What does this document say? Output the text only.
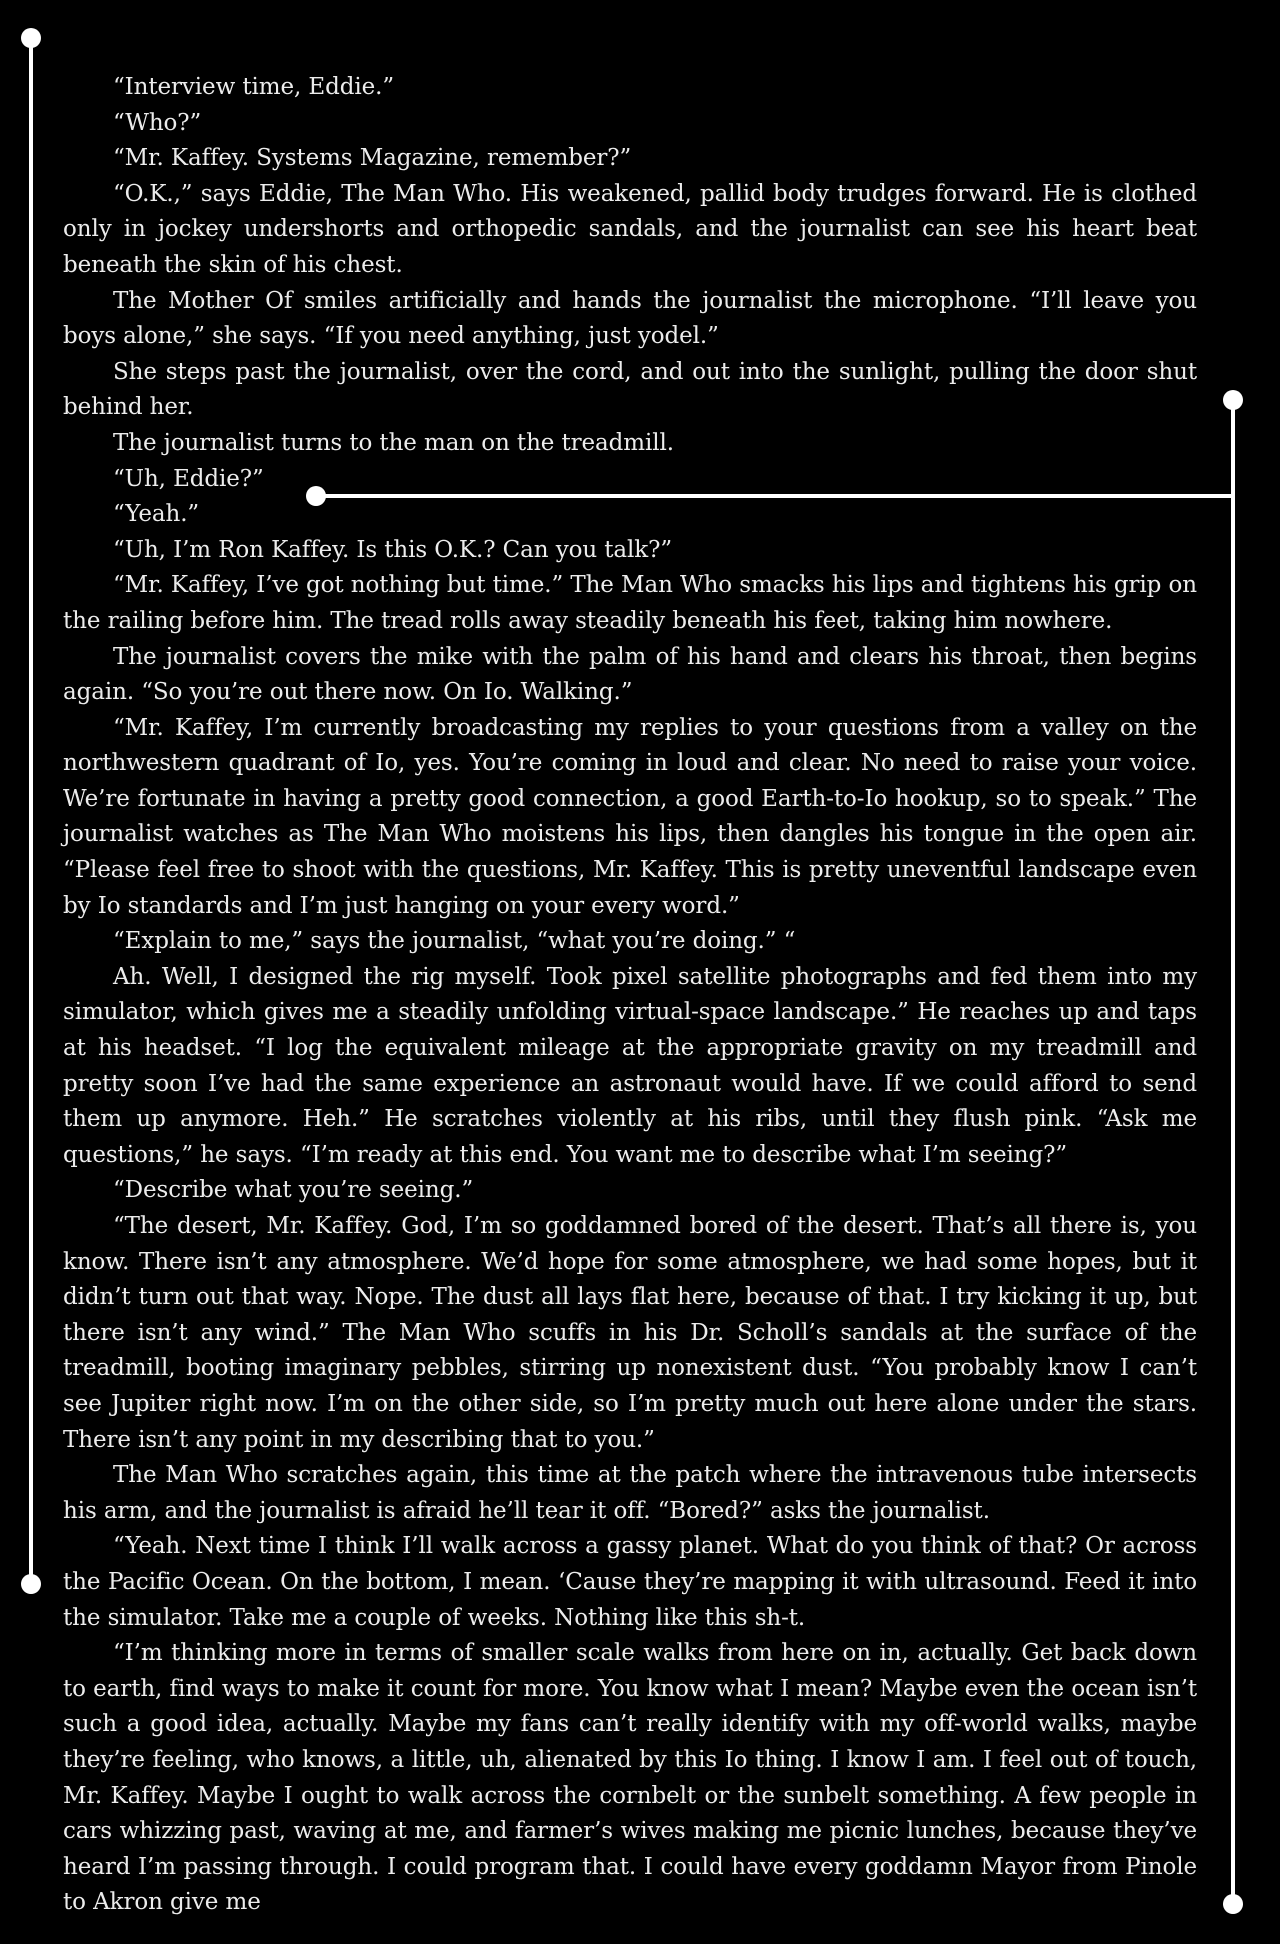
“Interview time, Eddie.”

“Who?”

“Mr. Kaffey. Systems Magazine, remember?”

“O.K.,” says Eddie, The Man Who. His weakened, pallid body trudges forward. He is clothed only in jockey undershorts and orthopedic sandals, and the journalist can see his heart beat beneath the skin of his chest.

The Mother Of smiles artificially and hands the journalist the microphone. “I’ll leave you boys alone,” she says. “If you need anything, just yodel.”

She steps past the journalist, over the cord, and out into the sunlight, pulling the door shut behind her.

The journalist turns to the man on the treadmill.

“Uh, Eddie?”

“Yeah.”

“Uh, I’m Ron Kaffey. Is this O.K.? Can you talk?”

“Mr. Kaffey, I’ve got nothing but time.” The Man Who smacks his lips and tightens his grip on the railing before him. The tread rolls away steadily beneath his feet, taking him nowhere.

The journalist covers the mike with the palm of his hand and clears his throat, then begins again. “So you’re out there now. On Io. Walking.”

“Mr. Kaffey, I’m currently broadcasting my replies to your questions from a valley on the northwestern quadrant of Io, yes. You’re coming in loud and clear. No need to raise your voice. We’re fortunate in having a pretty good connection, a good Earth-to-Io hookup, so to speak.” The journalist watches as The Man Who moistens his lips, then dangles his tongue in the open air. “Please feel free to shoot with the questions, Mr. Kaffey. This is pretty uneventful landscape even by Io standards and I’m just hanging on your every word.”

“Explain to me,” says the journalist, “what you’re doing.” “

Ah. Well, I designed the rig myself. Took pixel satellite photographs and fed them into my simulator, which gives me a steadily unfolding virtual-space landscape.” He reaches up and taps at his headset. “I log the equivalent mileage at the appropriate gravity on my treadmill and pretty soon I’ve had the same experience an astronaut would have. If we could afford to send them up anymore. Heh.” He scratches violently at his ribs, until they flush pink. “Ask me questions,” he says. “I’m ready at this end. You want me to describe what I’m seeing?”

“Describe what you’re seeing.”

“The desert, Mr. Kaffey. God, I’m so goddamned bored of the desert. That’s all there is, you know. There isn’t any atmosphere. We’d hope for some atmosphere, we had some hopes, but it didn’t turn out that way. Nope. The dust all lays flat here, because of that. I try kicking it up, but there isn’t any wind.” The Man Who scuffs in his Dr. Scholl’s sandals at the surface of the treadmill, booting imaginary pebbles, stirring up nonexistent dust. “You probably know I can’t see Jupiter right now. I’m on the other side, so I’m pretty much out here alone under the stars. There isn’t any point in my describing that to you.”

The Man Who scratches again, this time at the patch where the intravenous tube intersects his arm, and the journalist is afraid he’ll tear it off. “Bored?” asks the journalist.

“Yeah. Next time I think I’ll walk across a gassy planet. What do you think of that? Or across the Pacific Ocean. On the bottom, I mean. ‘Cause they’re mapping it with ultrasound. Feed it into the simulator. Take me a couple of weeks. Nothing like this sh-t.

“I’m thinking more in terms of smaller scale walks from here on in, actually. Get back down to earth, find ways to make it count for more. You know what I mean? Maybe even the ocean isn’t such a good idea, actually. Maybe my fans can’t really identify with my off-world walks, maybe they’re feeling, who knows, a little, uh, alienated by this Io thing. I know I am. I feel out of touch, Mr. Kaffey. Maybe I ought to walk across the cornbelt or the sunbelt something. A few people in cars whizzing past, waving at me, and farmer’s wives making me picnic lunches, because they’ve heard I’m passing through. I could program that. I could have every goddamn Mayor from Pinole to Akron give me
